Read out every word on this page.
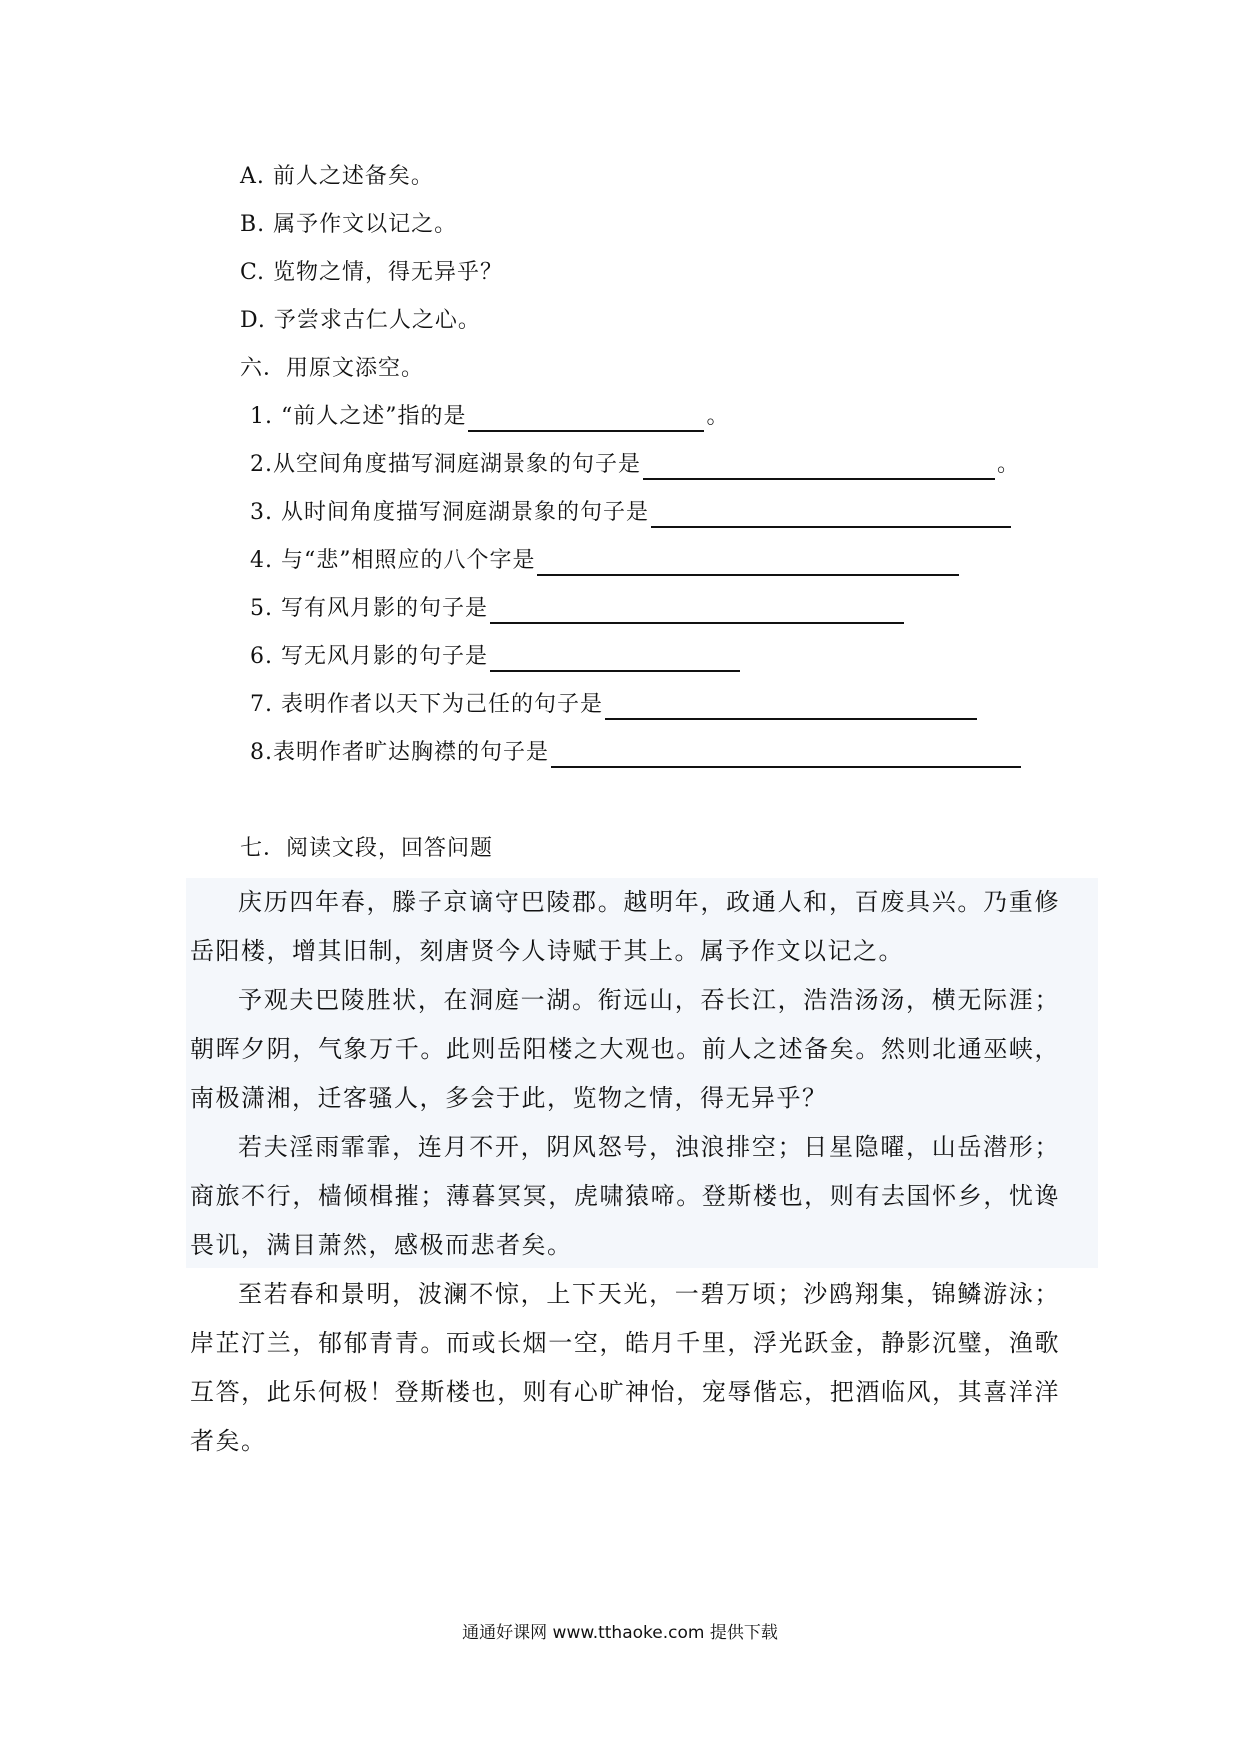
A. 前人之述备矣。
B. 属予作文以记之。
C. 览物之情，得无异乎？
D. 予尝求古仁人之心。
六．用原文添空。
1. “前人之述”指的是	。
2.从空间角度描写洞庭湖景象的句子是	。
3. 从时间角度描写洞庭湖景象的句子是
4. 与“悲”相照应的八个字是
5. 写有风月影的句子是
6. 写无风月影的句子是
7. 表明作者以天下为己任的句子是
8.表明作者旷达胸襟的句子是
七．阅读文段，回答问题
庆历四年春，滕子京谪守巴陵郡。越明年，政通人和，百废具兴。乃重修岳阳楼，增其旧制，刻唐贤今人诗赋于其上。属予作文以记之。
予观夫巴陵胜状，在洞庭一湖。衔远山，吞长江，浩浩汤汤，横无际涯；朝晖夕阴，气象万千。此则岳阳楼之大观也。前人之述备矣。然则北通巫峡，南极潇湘，迁客骚人，多会于此，览物之情，得无异乎？
若夫淫雨霏霏，连月不开，阴风怒号，浊浪排空；日星隐曜，山岳潜形；商旅不行，樯倾楫摧；薄暮冥冥，虎啸猿啼。登斯楼也，则有去国怀乡，忧谗畏讥，满目萧然，感极而悲者矣。
至若春和景明，波澜不惊，上下天光，一碧万顷；沙鸥翔集，锦鳞游泳；岸芷汀兰，郁郁青青。而或长烟一空，皓月千里，浮光跃金，静影沉璧，渔歌互答，此乐何极！登斯楼也，则有心旷神怡，宠辱偕忘，把酒临风，其喜洋洋者矣。
通通好课网 www.tthaoke.com 提供下载
